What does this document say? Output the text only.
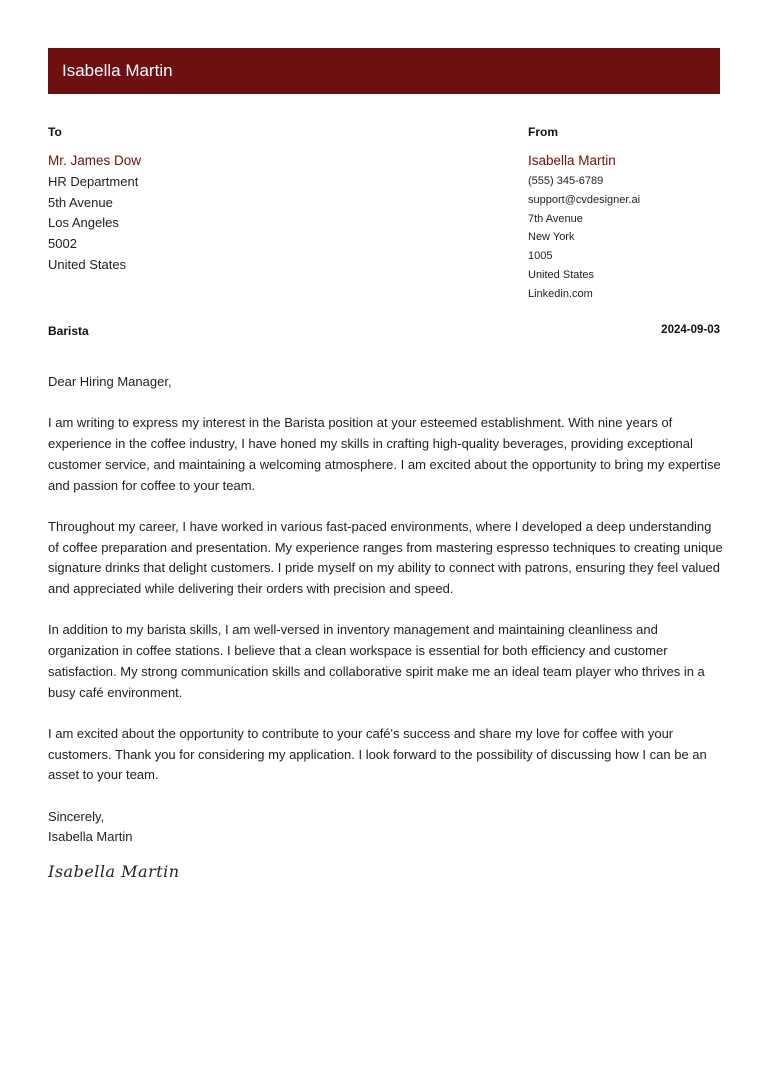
Isabella Martin
To
Mr. James Dow
HR Department
5th Avenue
Los Angeles
5002
United States
From
Isabella Martin
(555) 345-6789
support@cvdesigner.ai
7th Avenue
New York
1005
United States
Linkedin.com
Barista	2024-09-03

Dear Hiring Manager,

I am writing to express my interest in the Barista position at your esteemed establishment. With nine years of experience in the coffee industry, I have honed my skills in crafting high-quality beverages, providing exceptional customer service, and maintaining a welcoming atmosphere. I am excited about the opportunity to bring my expertise and passion for coffee to your team.

Throughout my career, I have worked in various fast-paced environments, where I developed a deep understanding of coffee preparation and presentation. My experience ranges from mastering espresso techniques to creating unique signature drinks that delight customers. I pride myself on my ability to connect with patrons, ensuring they feel valued and appreciated while delivering their orders with precision and speed.

In addition to my barista skills, I am well-versed in inventory management and maintaining cleanliness and organization in coffee stations. I believe that a clean workspace is essential for both efficiency and customer satisfaction. My strong communication skills and collaborative spirit make me an ideal team player who thrives in a busy café environment.

I am excited about the opportunity to contribute to your café's success and share my love for coffee with your customers. Thank you for considering my application. I look forward to the possibility of discussing how I can be an asset to your team.

Sincerely,
Isabella Martin
Isabella Martin
